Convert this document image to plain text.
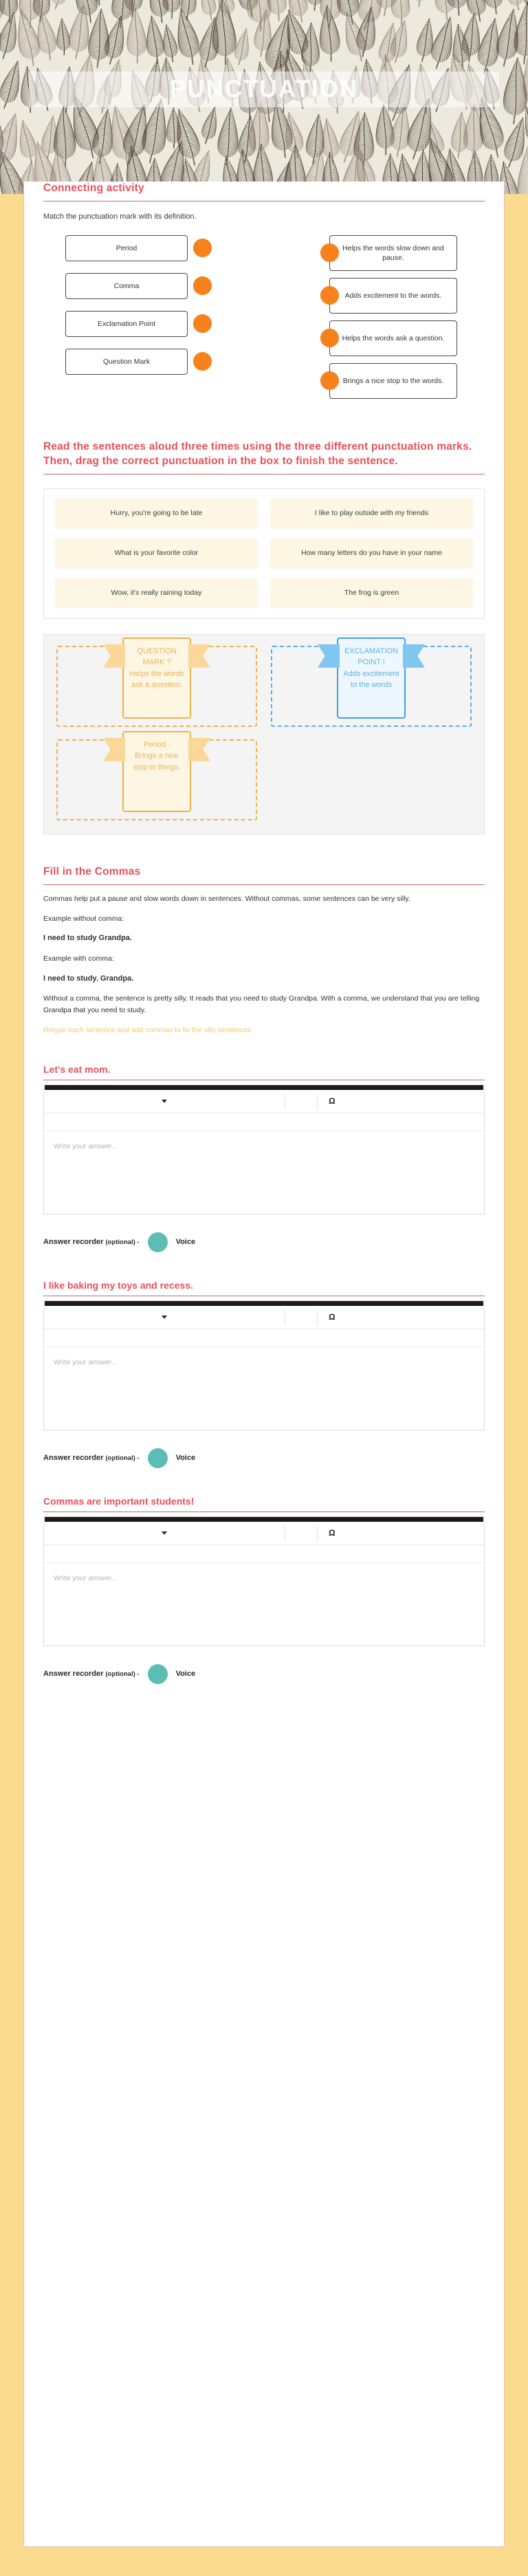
PUNCTUATION
Connecting activity
Match the punctuation mark with its definition.
Period
Comma
Exclamation Point
Question Mark
Helps the words slow down and pause.
Adds excitement to the words.
Helps the words ask a question.
Brings a nice stop to the words.
Read the sentences aloud three times using the three different punctuation marks. Then, drag the correct punctuation in the box to finish the sentence.
Hurry, you're going to be late	I like to play outside with my friends
What is your favorite color	How many letters do you have in your name
Wow, it's really raining today	The frog is green
QUESTION MARK ?
Helps the words ask a question.
EXCLAMATION POINT !
Adds excitement to the words
Period .
Brings a nice stop to things.
Fill in the Commas
Commas help put a pause and slow words down in sentences. Without commas, some sentences can be very silly.
Example without comma:
I need to study Grandpa.
Example with comma:
I need to study, Grandpa.
Without a comma, the sentence is pretty silly. It reads that you need to study Grandpa. With a comma, we understand that you are telling Grandpa that you need to study.
Retype each sentence and add commas to fix the silly sentences.
Let's eat mom.
Ω
Write your answer...
Answer recorder (optional) -	Voice
I like baking my toys and recess.
Ω
Write your answer...
Answer recorder (optional) -	Voice
Commas are important students!
Ω
Write your answer...
Answer recorder (optional) -	Voice
